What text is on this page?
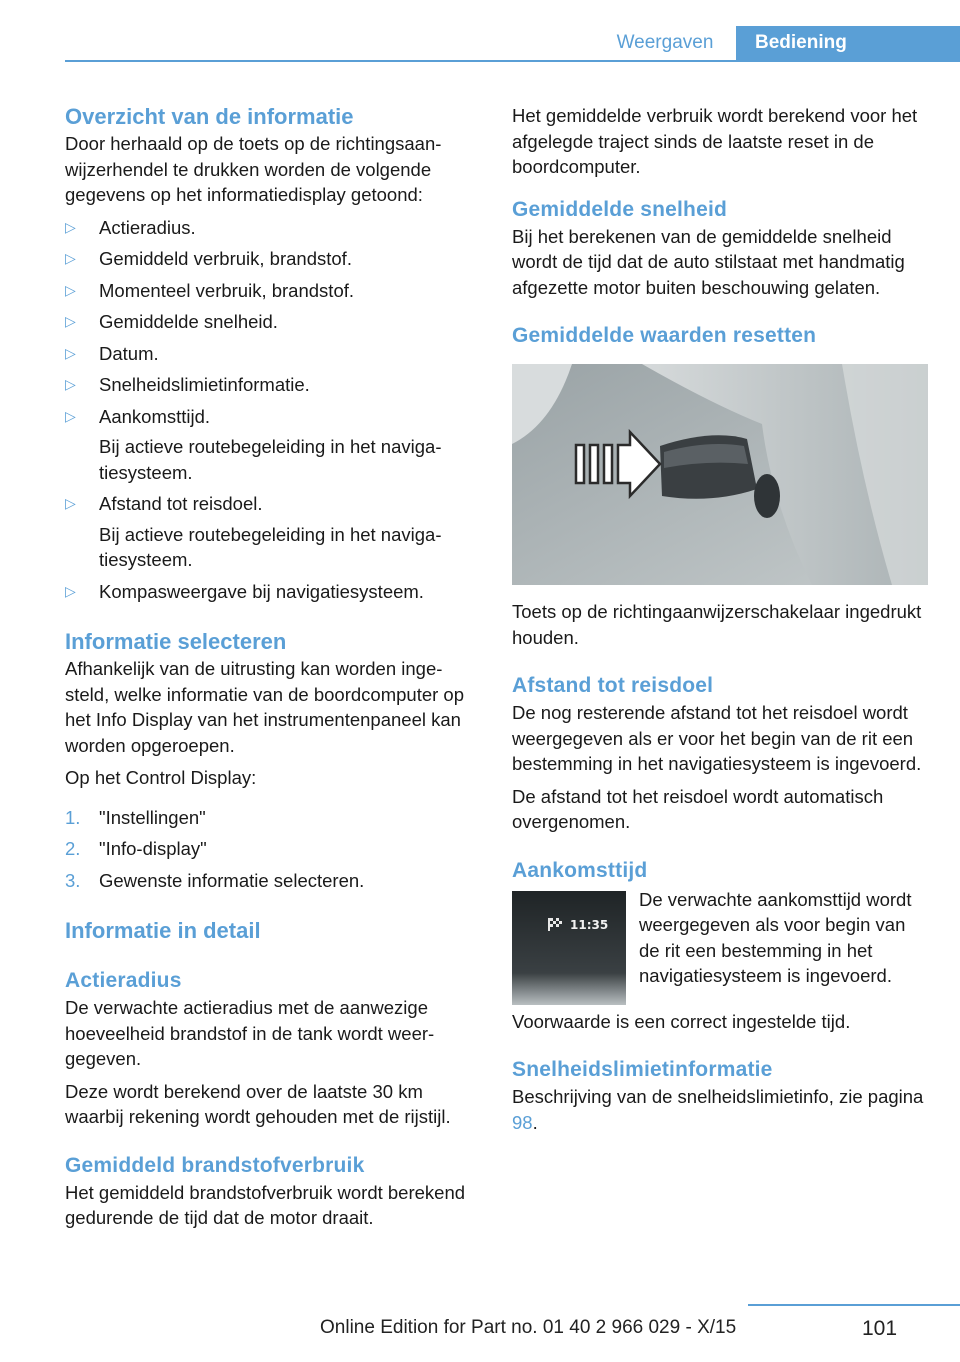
Weergaven	Bediening
Overzicht van de informatie

Door herhaald op de toets op de richtingsaanwijzerhendel te drukken worden de volgende gegevens op het informatiedisplay getoond:

▷	Actieradius.
▷	Gemiddeld verbruik, brandstof.
▷	Momenteel verbruik, brandstof.
▷	Gemiddelde snelheid.
▷	Datum.
▷	Snelheidslimietinformatie.
▷	Aankomsttijd.
Bij actieve routebegeleiding in het navigatiesysteem.
▷	Afstand tot reisdoel.
Bij actieve routebegeleiding in het navigatiesysteem.
▷	Kompasweergave bij navigatiesysteem.
Informatie selecteren

Afhankelijk van de uitrusting kan worden ingesteld, welke informatie van de boordcomputer op het Info Display van het instrumentenpaneel kan worden opgeroepen.

Op het Control Display:

1.	"Instellingen"
2.	"Info-display"
3.	Gewenste informatie selecteren.
Informatie in detail
Actieradius

De verwachte actieradius met de aanwezige hoeveelheid brandstof in de tank wordt weergegeven.

Deze wordt berekend over de laatste 30 km waarbij rekening wordt gehouden met de rijstijl.

Gemiddeld brandstofverbruik

Het gemiddeld brandstofverbruik wordt berekend gedurende de tijd dat de motor draait.

Het gemiddelde verbruik wordt berekend voor het afgelegde traject sinds de laatste reset in de boordcomputer.

Gemiddelde snelheid

Bij het berekenen van de gemiddelde snelheid wordt de tijd dat de auto stilstaat met handmatig afgezette motor buiten beschouwing gelaten.

Gemiddelde waarden resetten

Toets op de richtingaanwijzerschakelaar ingedrukt houden.

Afstand tot reisdoel

De nog resterende afstand tot het reisdoel wordt weergegeven als er voor het begin van de rit een bestemming in het navigatiesysteem is ingevoerd.

De afstand tot het reisdoel wordt automatisch overgenomen.

Aankomsttijd
11:35

De verwachte aankomsttijd wordt weergegeven als voor begin van de rit een bestemming in het navigatiesysteem is ingevoerd.

Voorwaarde is een correct ingestelde tijd.

Snelheidslimietinformatie

Beschrijving van de snelheidslimietinfo, zie pagina 98.

Online Edition for Part no. 01 40 2 966 029 - X/15	101
